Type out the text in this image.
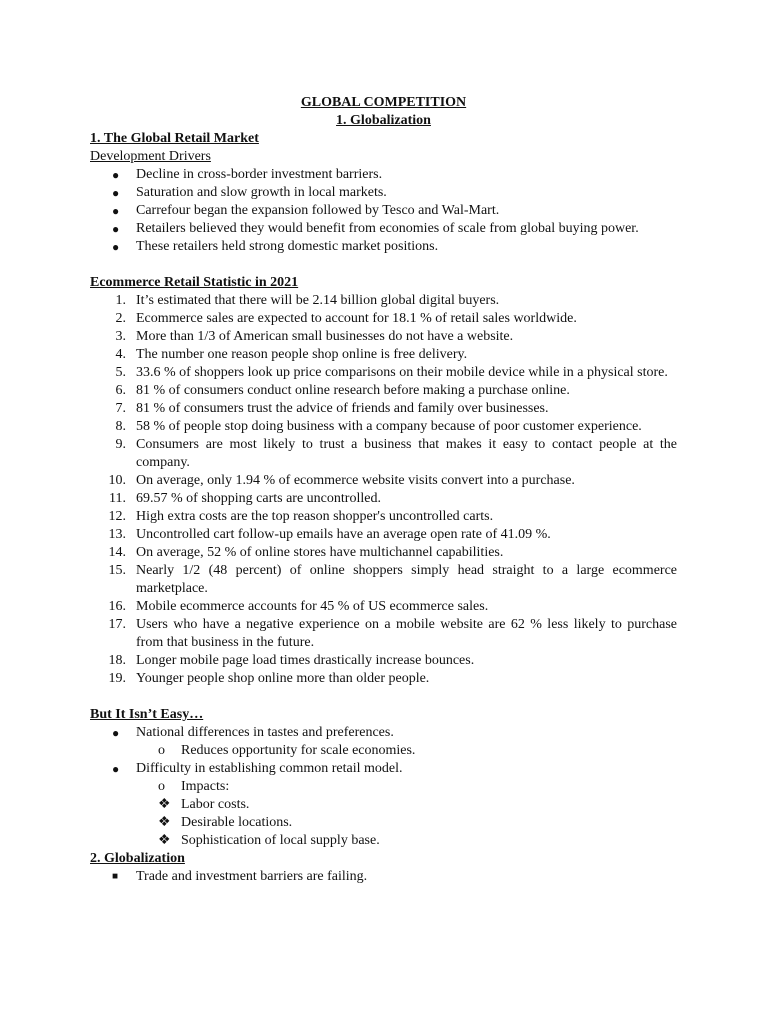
GLOBAL COMPETITION
1. Globalization
1. The Global Retail Market
Development Drivers
● Decline in cross-border investment barriers.
● Saturation and slow growth in local markets.
● Carrefour began the expansion followed by Tesco and Wal-Mart.
● Retailers believed they would benefit from economies of scale from global buying power.
● These retailers held strong domestic market positions.
Ecommerce Retail Statistic in 2021
1. It’s estimated that there will be 2.14 billion global digital buyers.
2. Ecommerce sales are expected to account for 18.1 % of retail sales worldwide.
3. More than 1/3 of American small businesses do not have a website.
4. The number one reason people shop online is free delivery.
5. 33.6 % of shoppers look up price comparisons on their mobile device while in a physical store.
6. 81 % of consumers conduct online research before making a purchase online.
7. 81 % of consumers trust the advice of friends and family over businesses.
8. 58 % of people stop doing business with a company because of poor customer experience.
9. Consumers are most likely to trust a business that makes it easy to contact people at the company.
10. On average, only 1.94 % of ecommerce website visits convert into a purchase.
11. 69.57 % of shopping carts are uncontrolled.
12. High extra costs are the top reason shopper's uncontrolled carts.
13. Uncontrolled cart follow-up emails have an average open rate of 41.09 %.
14. On average, 52 % of online stores have multichannel capabilities.
15. Nearly 1/2 (48 percent) of online shoppers simply head straight to a large ecommerce marketplace.
16. Mobile ecommerce accounts for 45 % of US ecommerce sales.
17. Users who have a negative experience on a mobile website are 62 % less likely to purchase from that business in the future.
18. Longer mobile page load times drastically increase bounces.
19. Younger people shop online more than older people.
But It Isn’t Easy…
● National differences in tastes and preferences.
o Reduces opportunity for scale economies.
● Difficulty in establishing common retail model.
o Impacts:
❖ Labor costs.
❖ Desirable locations.
❖ Sophistication of local supply base.
2. Globalization
■ Trade and investment barriers are failing.
